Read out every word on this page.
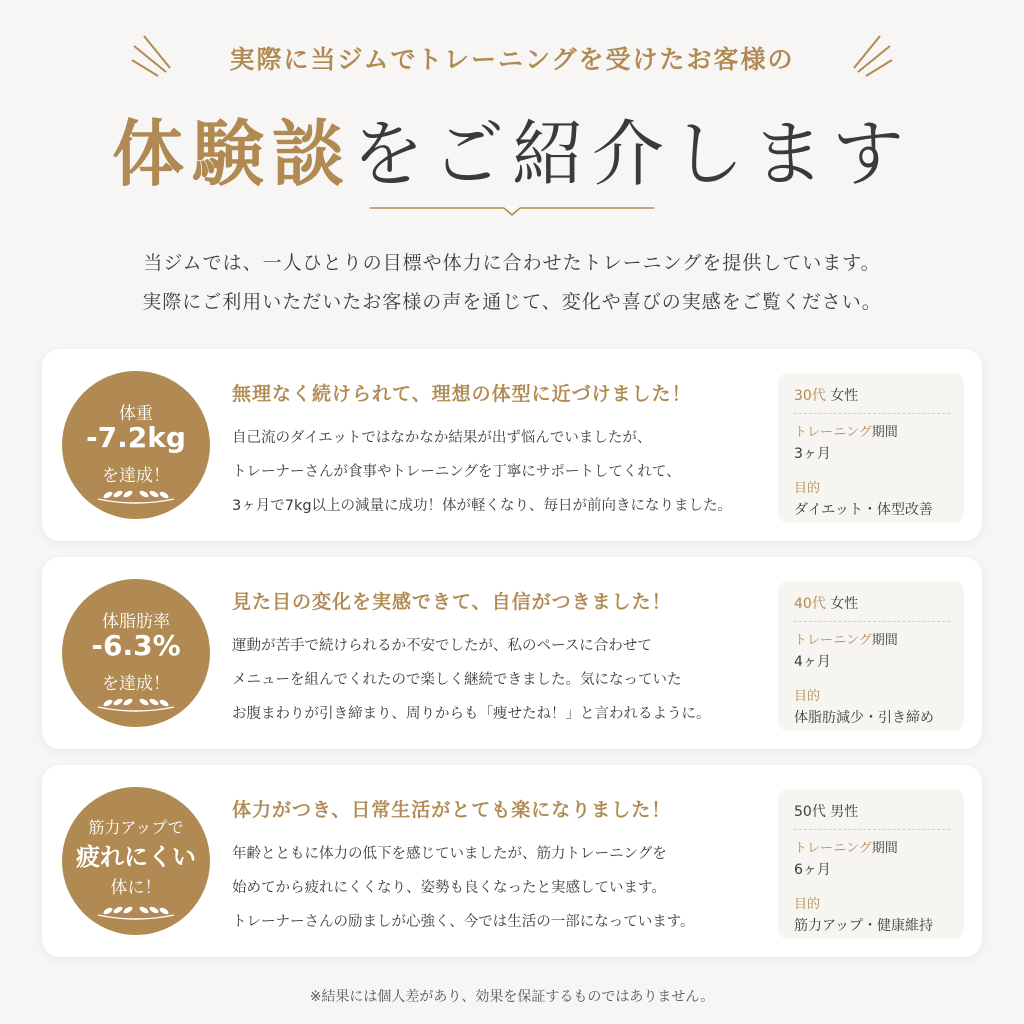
実際に当ジムでトレーニングを受けたお客様の
体験談をご紹介します
当ジムでは、一人ひとりの目標や体力に合わせたトレーニングを提供しています。
実際にご利用いただいたお客様の声を通じて、変化や喜びの実感をご覧ください。
体重
-7.2kg
を達成！
無理なく続けられて、理想の体型に近づけました！
自己流のダイエットではなかなか結果が出ず悩んでいましたが、
トレーナーさんが食事やトレーニングを丁寧にサポートしてくれて、
3ヶ月で7kg以上の減量に成功！体が軽くなり、毎日が前向きになりました。
30代 女性
トレーニング期間
3ヶ月
目的
ダイエット・体型改善
体脂肪率
-6.3%
を達成！
見た目の変化を実感できて、自信がつきました！
運動が苦手で続けられるか不安でしたが、私のペースに合わせて
メニューを組んでくれたので楽しく継続できました。気になっていた
お腹まわりが引き締まり、周りからも「痩せたね！」と言われるように。
40代 女性
トレーニング期間
4ヶ月
目的
体脂肪減少・引き締め
筋力アップで
疲れにくい
体に！
体力がつき、日常生活がとても楽になりました！
年齢とともに体力の低下を感じていましたが、筋力トレーニングを
始めてから疲れにくくなり、姿勢も良くなったと実感しています。
トレーナーさんの励ましが心強く、今では生活の一部になっています。
50代 男性
トレーニング期間
6ヶ月
目的
筋力アップ・健康維持
※結果には個人差があり、効果を保証するものではありません。
